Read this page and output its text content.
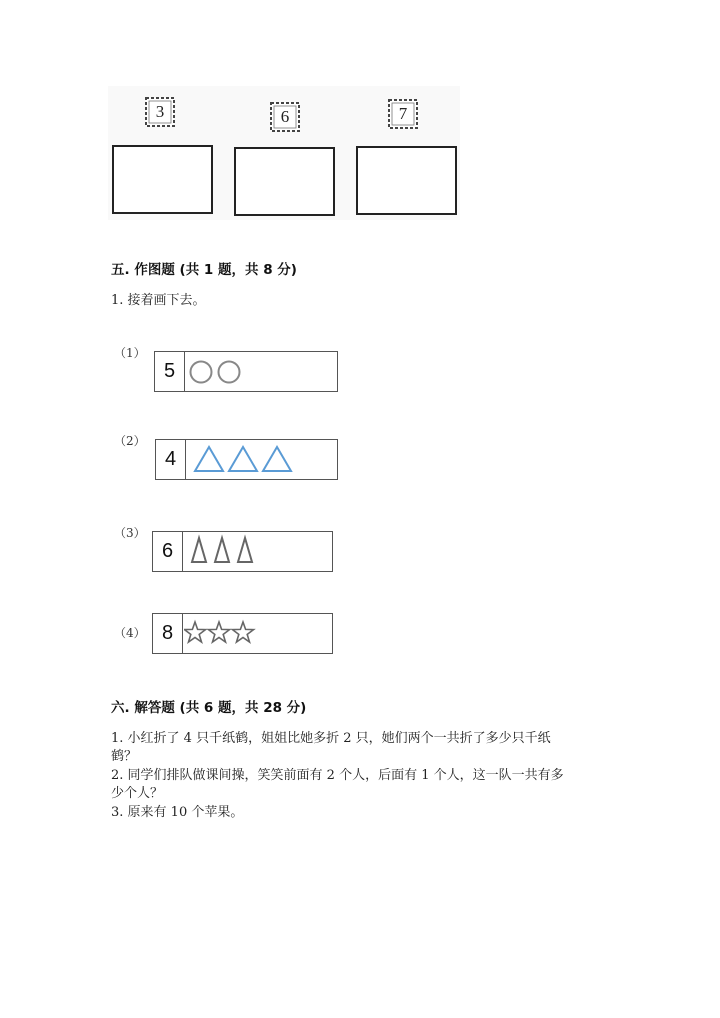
3	6	7
五. 作图题 (共 1 题，共 8 分)
1. 接着画下去。
（1）
5
（2）
4
（3）
6
（4） 8
六. 解答题 (共 6 题，共 28 分)
1. 小红折了 4 只千纸鹤，姐姐比她多折 2 只，她们两个一共折了多少只千纸
鹤？
2. 同学们排队做课间操，笑笑前面有 2 个人，后面有 1 个人，这一队一共有多
少个人？
3. 原来有 10 个苹果。
